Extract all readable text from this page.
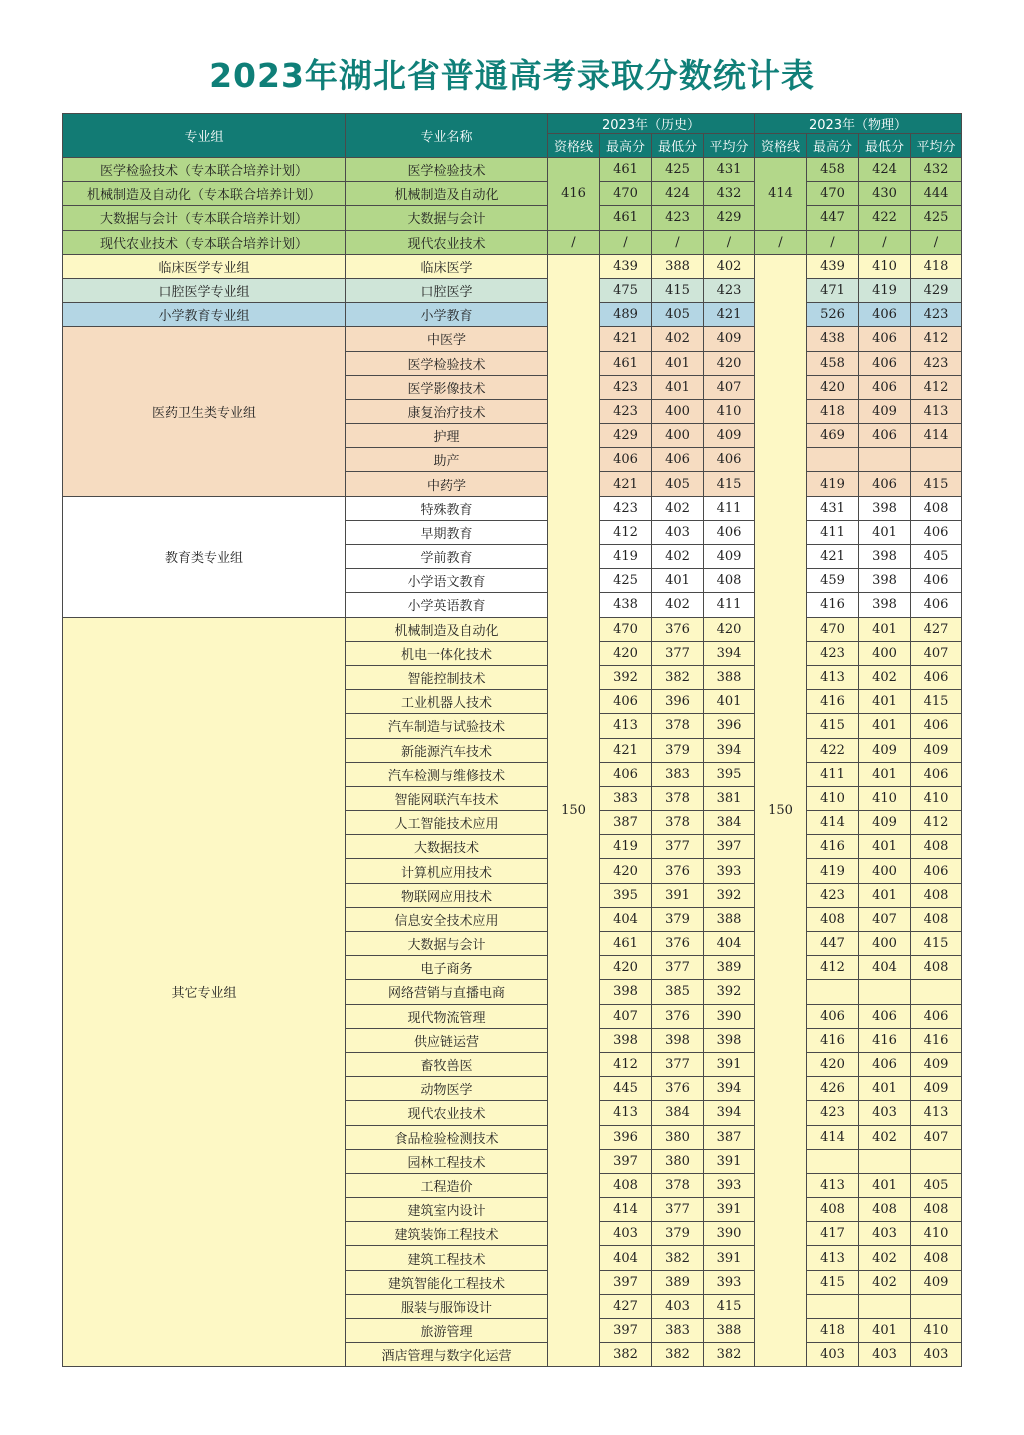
2023年湖北省普通高考录取分数统计表
专业组	专业名称	2023年（历史）				2023年（物理）			
		资格线	最高分	最低分	平均分	资格线	最高分	最低分	平均分
医学检验技术（专本联合培养计划）	医学检验技术	416	461	425	431	414	458	424	432
机械制造及自动化（专本联合培养计划）	机械制造及自动化		470	424	432		470	430	444
大数据与会计（专本联合培养计划）	大数据与会计		461	423	429		447	422	425
现代农业技术（专本联合培养计划）	现代农业技术	/	/	/	/	/	/	/	/
临床医学专业组	临床医学	150	439	388	402	150	439	410	418
口腔医学专业组	口腔医学		475	415	423		471	419	429
小学教育专业组	小学教育		489	405	421		526	406	423
医药卫生类专业组	中医学		421	402	409		438	406	412
	医学检验技术		461	401	420		458	406	423
	医学影像技术		423	401	407		420	406	412
	康复治疗技术		423	400	410		418	409	413
	护理		429	400	409		469	406	414
	助产		406	406	406				
	中药学		421	405	415		419	406	415
教育类专业组	特殊教育		423	402	411		431	398	408
	早期教育		412	403	406		411	401	406
	学前教育		419	402	409		421	398	405
	小学语文教育		425	401	408		459	398	406
	小学英语教育		438	402	411		416	398	406
其它专业组	机械制造及自动化		470	376	420		470	401	427
	机电一体化技术		420	377	394		423	400	407
	智能控制技术		392	382	388		413	402	406
	工业机器人技术		406	396	401		416	401	415
	汽车制造与试验技术		413	378	396		415	401	406
	新能源汽车技术		421	379	394		422	409	409
	汽车检测与维修技术		406	383	395		411	401	406
	智能网联汽车技术		383	378	381		410	410	410
	人工智能技术应用		387	378	384		414	409	412
	大数据技术		419	377	397		416	401	408
	计算机应用技术		420	376	393		419	400	406
	物联网应用技术		395	391	392		423	401	408
	信息安全技术应用		404	379	388		408	407	408
	大数据与会计		461	376	404		447	400	415
	电子商务		420	377	389		412	404	408
	网络营销与直播电商		398	385	392				
	现代物流管理		407	376	390		406	406	406
	供应链运营		398	398	398		416	416	416
	畜牧兽医		412	377	391		420	406	409
	动物医学		445	376	394		426	401	409
	现代农业技术		413	384	394		423	403	413
	食品检验检测技术		396	380	387		414	402	407
	园林工程技术		397	380	391				
	工程造价		408	378	393		413	401	405
	建筑室内设计		414	377	391		408	408	408
	建筑装饰工程技术		403	379	390		417	403	410
	建筑工程技术		404	382	391		413	402	408
	建筑智能化工程技术		397	389	393		415	402	409
	服装与服饰设计		427	403	415				
	旅游管理		397	383	388		418	401	410
	酒店管理与数字化运营		382	382	382		403	403	403
